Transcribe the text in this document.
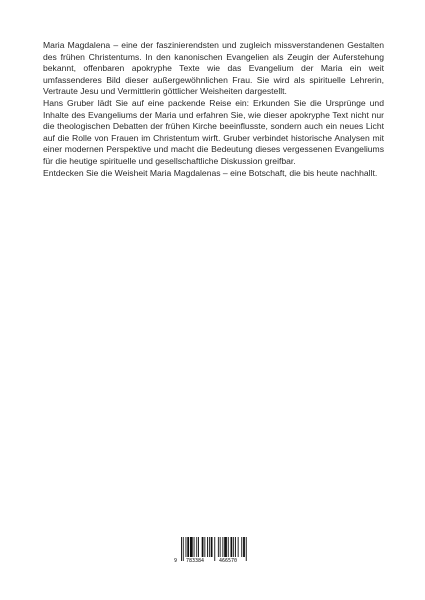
Maria Magdalena – eine der faszinierendsten und zugleich missverstandenen Gestalten des frühen Christentums. In den kanonischen Evangelien als Zeugin der Auferstehung bekannt, offenbaren apokryphe Texte wie das Evangelium der Maria ein weit umfassenderes Bild dieser außergewöhnlichen Frau. Sie wird als spirituelle Lehrerin, Vertraute Jesu und Vermittlerin göttlicher Weisheiten dargestellt.

Hans Gruber lädt Sie auf eine packende Reise ein: Erkunden Sie die Ursprünge und Inhalte des Evangeliums der Maria und erfahren Sie, wie dieser apokryphe Text nicht nur die theologischen Debatten der frühen Kirche beeinflusste, sondern auch ein neues Licht auf die Rolle von Frauen im Christentum wirft. Gruber verbindet historische Analysen mit einer modernen Perspektive und macht die Bedeutung dieses vergessenen Evangeliums für die heutige spirituelle und gesellschaftliche Diskussion greifbar.

Entdecken Sie die Weisheit Maria Magdalenas – eine Botschaft, die bis heute nachhallt.

9 783384	466570
